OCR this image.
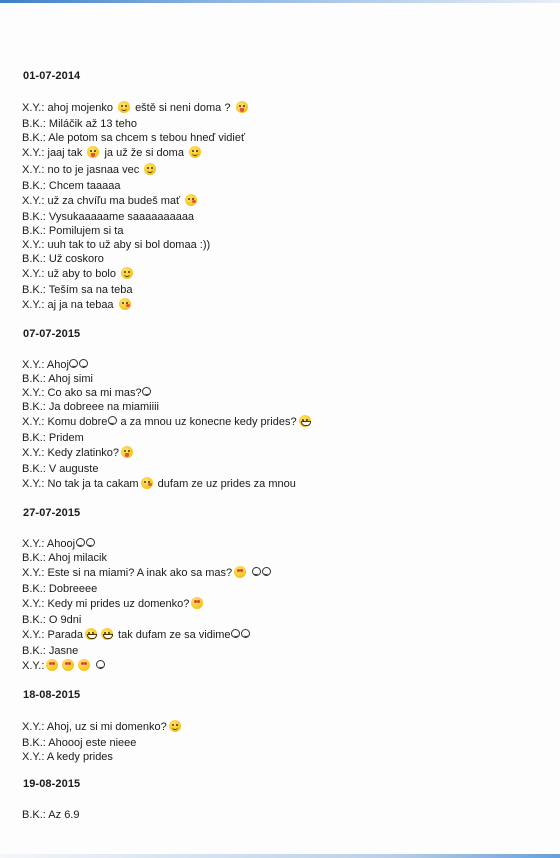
01-07-2014
X.Y.: ahoj mojenko eště si neni doma ?
B.K.: Miláčik až 13 teho
B.K.: Ale potom sa chcem s tebou hneď vidieť
X.Y.: jaaj tak ja už že si doma
X.Y.: no to je jasnaa vec
B.K.: Chcem taaaaa
X.Y.: už za chvíľu ma budeš mať
B.K.: Vysukaaaaame saaaaaaaaaa
B.K.: Pomilujem si ta
X.Y.: uuh tak to už aby si bol domaa :))
B.K.: Už coskoro
X.Y.: už aby to bolo
B.K.: Teším sa na teba
X.Y.: aj ja na tebaa
07-07-2015
X.Y.: Ahoj
B.K.: Ahoj simi
X.Y.: Co ako sa mi mas?
B.K.: Ja dobreee na miamiiii
X.Y.: Komu dobre a za mnou uz konecne kedy prides?
B.K.: Pridem
X.Y.: Kedy zlatinko?
B.K.: V auguste
X.Y.: No tak ja ta cakam dufam ze uz prides za mnou
27-07-2015
X.Y.: Ahooj
B.K.: Ahoj milacik
X.Y.: Este si na miami? A inak ako sa mas?
B.K.: Dobreeee
X.Y.: Kedy mi prides uz domenko?
B.K.: O 9dni
X.Y.: Parada	tak dufam ze sa vidime
B.K.: Jasne
X.Y.:
18-08-2015
X.Y.: Ahoj, uz si mi domenko?
B.K.: Ahoooj este nieee
X.Y.: A kedy prides
19-08-2015
B.K.: Az 6.9
